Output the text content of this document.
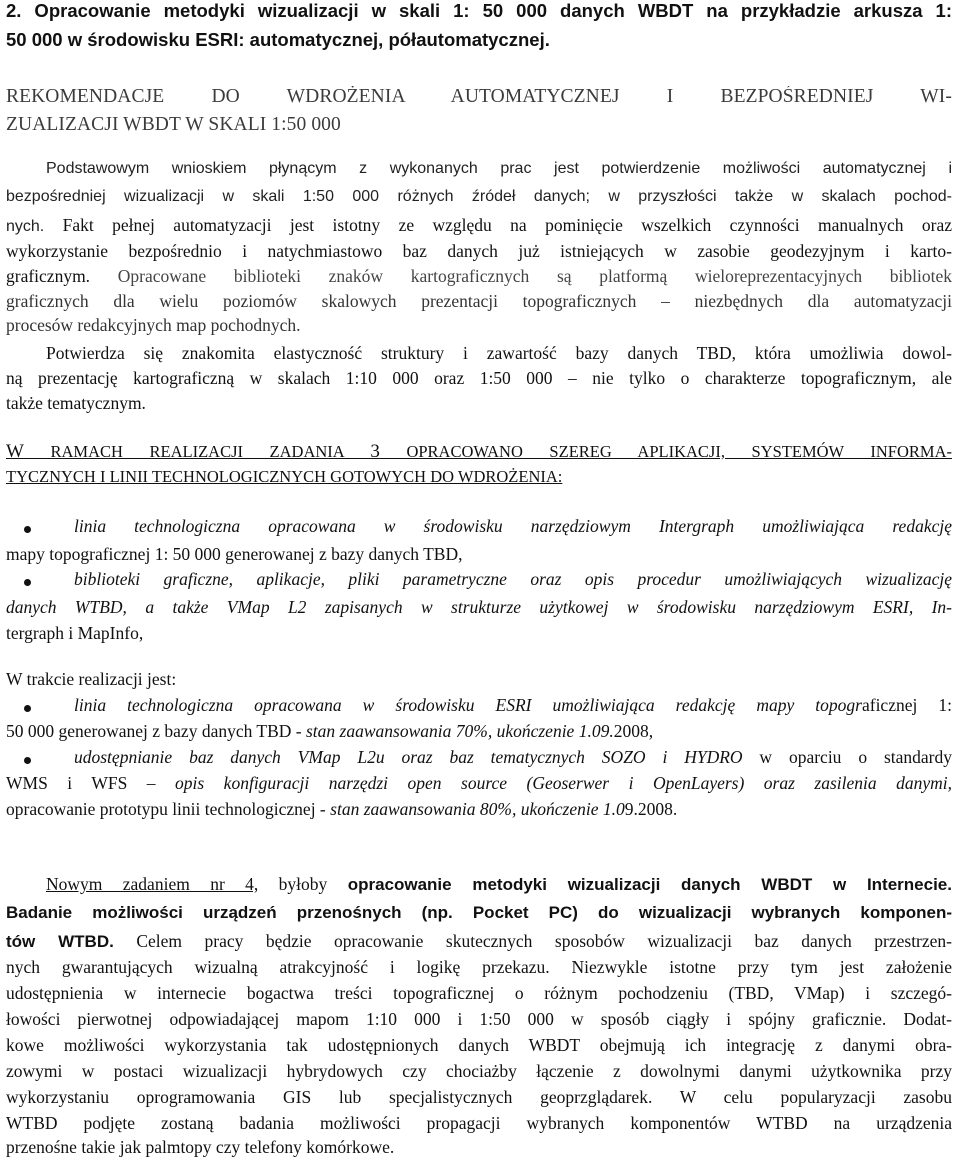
2. Opracowanie metodyki wizualizacji w skali 1: 50 000 danych WBDT na przykładzie arkusza 1:
50 000 w środowisku ESRI: automatycznej, półautomatycznej.
REKOMENDACJE DO WDROŻENIA AUTOMATYCZNEJ I BEZPOŚREDNIEJ WI-
ZUALIZACJI WBDT W SKALI 1:50 000
Podstawowym wnioskiem płynącym z wykonanych prac jest potwierdzenie możliwości automatycznej i
bezpośredniej wizualizacji w skali 1:50 000 różnych źródeł danych; w przyszłości także w skalach pochod-
nych. Fakt pełnej automatyzacji jest istotny ze względu na pominięcie wszelkich czynności manualnych oraz
wykorzystanie bezpośrednio i natychmiastowo baz danych już istniejących w zasobie geodezyjnym i karto-
graficznym. Opracowane biblioteki znaków kartograficznych są platformą wieloreprezentacyjnych bibliotek
graficznych dla wielu poziomów skalowych prezentacji topograficznych – niezbędnych dla automatyzacji
procesów redakcyjnych map pochodnych.
Potwierdza się znakomita elastyczność struktury i zawartość bazy danych TBD, która umożliwia dowol-
ną prezentację kartograficzną w skalach 1:10 000 oraz 1:50 000 – nie tylko o charakterze topograficznym, ale
także tematycznym.
W RAMACH REALIZACJI ZADANIA 3 OPRACOWANO SZEREG APLIKACJI, SYSTEMÓW INFORMA-
TYCZNYCH I LINII TECHNOLOGICZNYCH GOTOWYCH DO WDROŻENIA:
linia technologiczna opracowana w środowisku narzędziowym Intergraph umożliwiająca redakcję
mapy topograficznej 1: 50 000 generowanej z bazy danych TBD,
biblioteki graficzne, aplikacje, pliki parametryczne oraz opis procedur umożliwiających wizualizację
danych WTBD, a także VMap L2 zapisanych w strukturze użytkowej w środowisku narzędziowym ESRI, In-
tergraph i MapInfo,
W trakcie realizacji jest:
linia technologiczna opracowana w środowisku ESRI umożliwiająca redakcję mapy topograficznej 1:
50 000 generowanej z bazy danych TBD - stan zaawansowania 70%, ukończenie 1.09.2008,
udostępnianie baz danych VMap L2u oraz baz tematycznych SOZO i HYDRO w oparciu o standardy
WMS i WFS – opis konfiguracji narzędzi open source (Geoserwer i OpenLayers) oraz zasilenia danymi,
opracowanie prototypu linii technologicznej - stan zaawansowania 80%, ukończenie 1.09.2008.
Nowym zadaniem nr 4, byłoby opracowanie metodyki wizualizacji danych WBDT w Internecie.
Badanie możliwości urządzeń przenośnych (np. Pocket PC) do wizualizacji wybranych komponen-
tów WTBD. Celem pracy będzie opracowanie skutecznych sposobów wizualizacji baz danych przestrzen-
nych gwarantujących wizualną atrakcyjność i logikę przekazu. Niezwykle istotne przy tym jest założenie
udostępnienia w internecie bogactwa treści topograficznej o różnym pochodzeniu (TBD, VMap) i szczegó-
łowości pierwotnej odpowiadającej mapom 1:10 000 i 1:50 000 w sposób ciągły i spójny graficznie. Dodat-
kowe możliwości wykorzystania tak udostępnionych danych WBDT obejmują ich integrację z danymi obra-
zowymi w postaci wizualizacji hybrydowych czy chociażby łączenie z dowolnymi danymi użytkownika przy
wykorzystaniu oprogramowania GIS lub specjalistycznych geoprzglądarek. W celu popularyzacji zasobu
WTBD podjęte zostaną badania możliwości propagacji wybranych komponentów WTBD na urządzenia
przenośne takie jak palmtopy czy telefony komórkowe.
